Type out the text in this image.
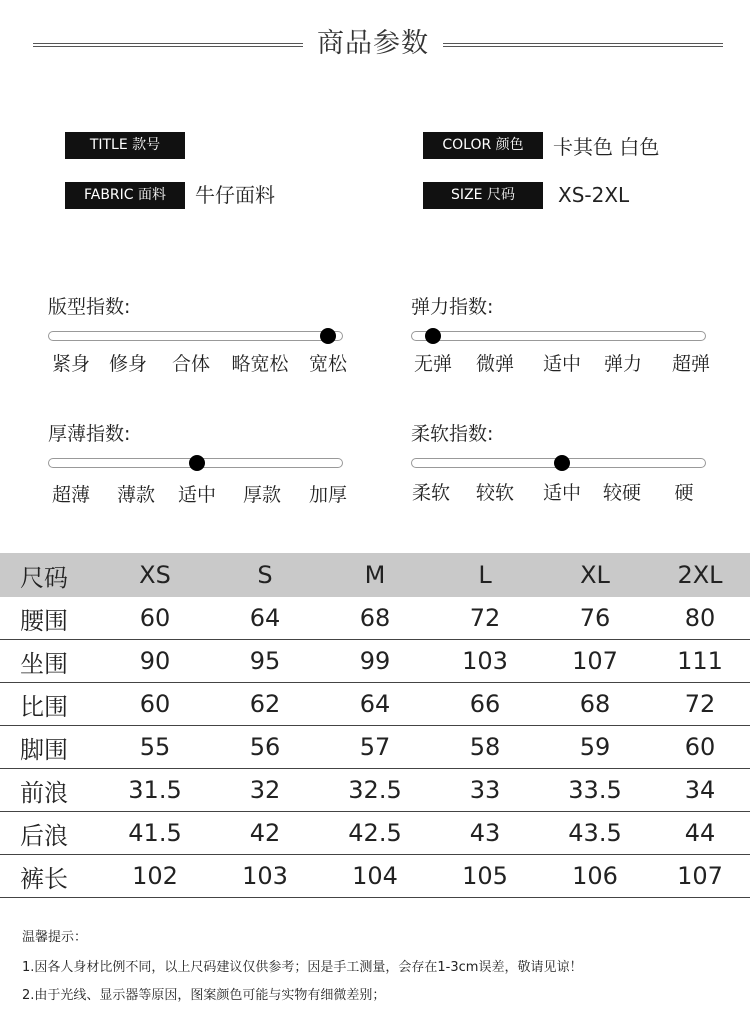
商品参数
TITLE 款号	COLOR 颜色	卡其色 白色
FABRIC 面料	牛仔面料	SIZE 尺码	XS-2XL
版型指数:
紧身 修身 合体 略宽松 宽松
弹力指数:
无弹 微弹 适中 弹力 超弹
厚薄指数:
超薄 薄款 适中 厚款 加厚
柔软指数:
柔软 较软 适中 较硬 硬
尺码	XS	S	M	L	XL	2XL
腰围	60	64	68	72	76	80
坐围	90	95	99	103	107	111
比围	60	62	64	66	68	72
脚围	55	56	57	58	59	60
前浪	31.5	32	32.5	33	33.5	34
后浪	41.5	42	42.5	43	43.5	44
裤长	102	103	104	105	106	107
温馨提示：
1.因各人身材比例不同，以上尺码建议仅供参考；因是手工测量，会存在1-3cm误差，敬请见谅！
2.由于光线、显示器等原因，图案颜色可能与实物有细微差别；
